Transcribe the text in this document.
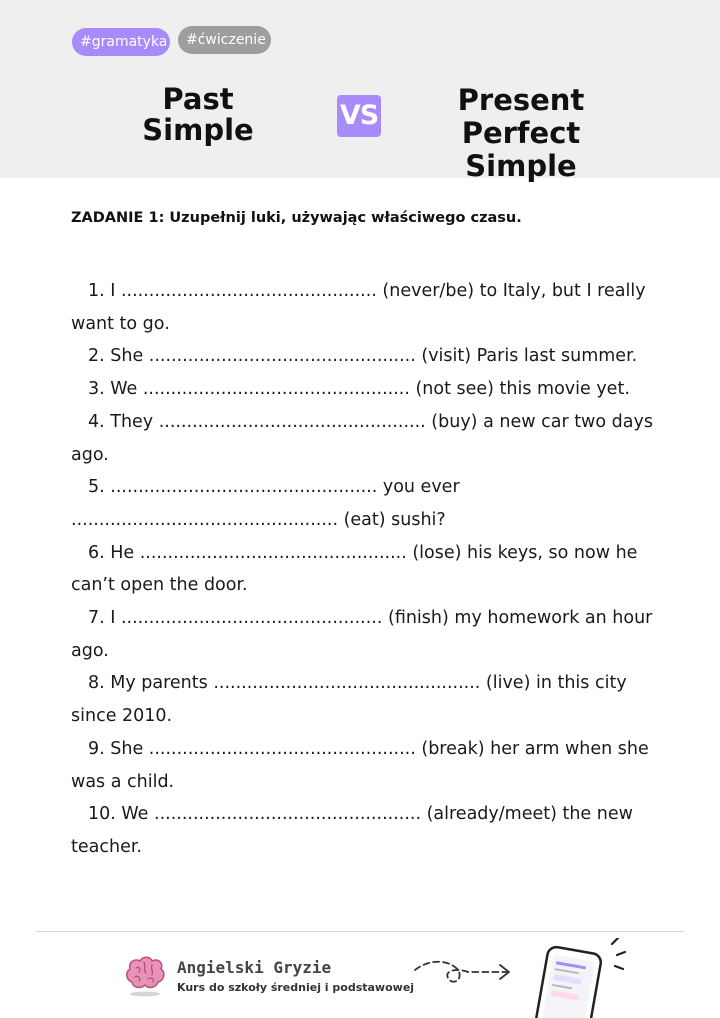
#gramatyka	#ćwiczenie
Past
Simple	VS	Present Perfect
Simple
ZADANIE 1: Uzupełnij luki, używając właściwego czasu.
1. I .............................................. (never/be) to Italy, but I really want to go.
2. She ................................................ (visit) Paris last summer.
3. We ................................................ (not see) this movie yet.
4. They ................................................ (buy) a new car two days ago.
5. ................................................ you ever ................................................ (eat) sushi?
6. He ................................................ (lose) his keys, so now he can’t open the door.
7. I ............................................... (finish) my homework an hour ago.
8. My parents ................................................ (live) in this city since 2010.
9. She ................................................ (break) her arm when she was a child.
10. We ................................................ (already/meet) the new teacher.
Angielski Gryzie
Kurs do szkoły średniej i podstawowej
